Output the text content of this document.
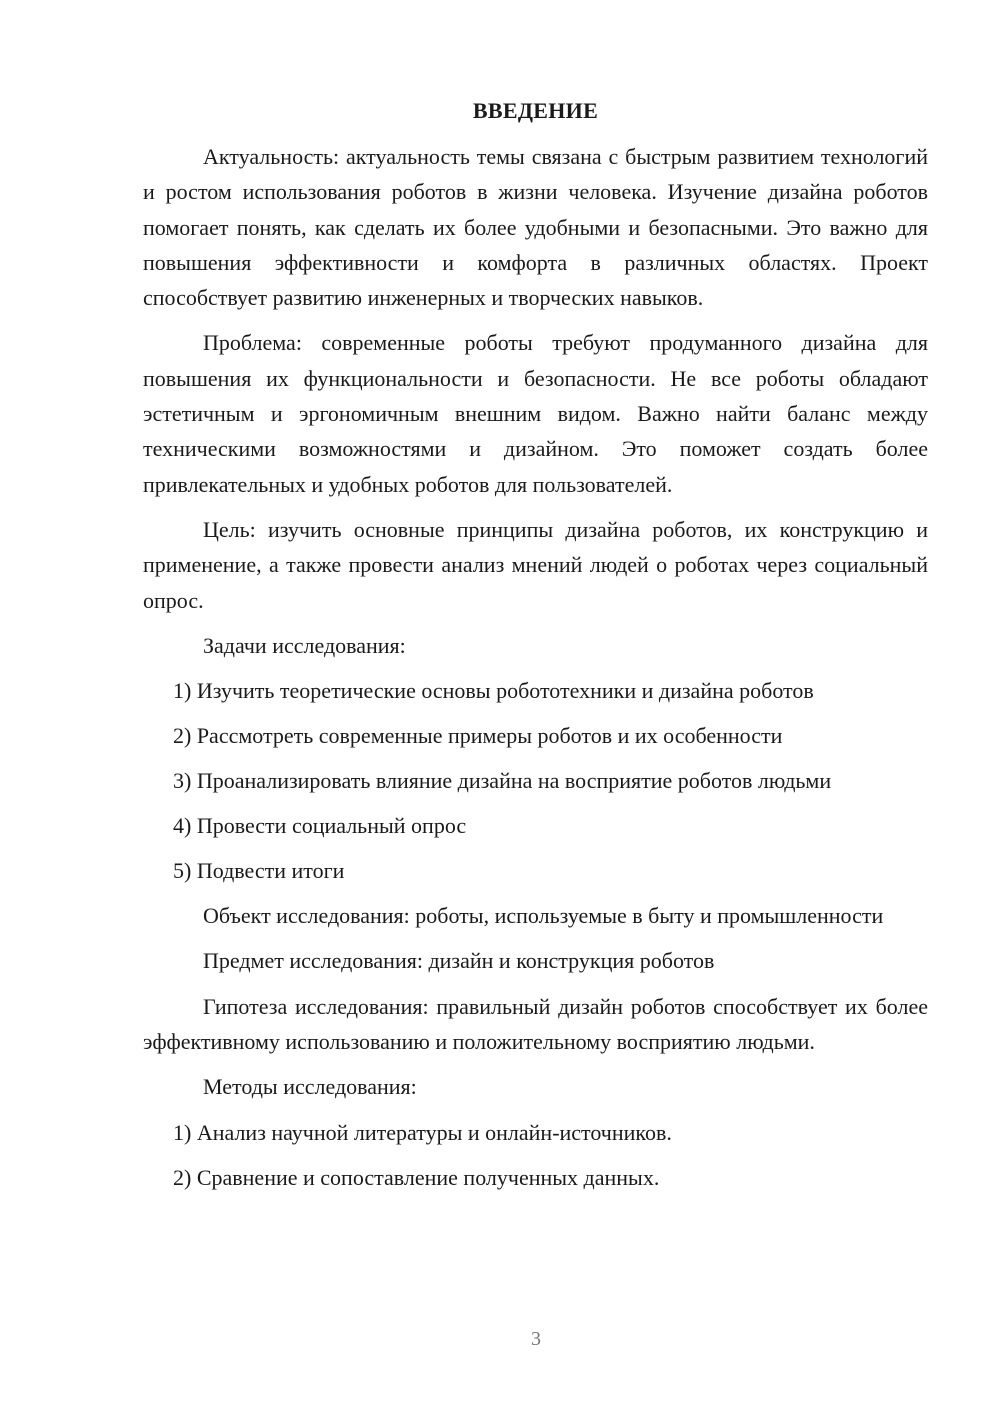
ВВЕДЕНИЕ

Актуальность: актуальность темы связана с быстрым развитием технологий и ростом использования роботов в жизни человека. Изучение дизайна роботов помогает понять, как сделать их более удобными и безопасными. Это важно для повышения эффективности и комфорта в различных областях. Проект способствует развитию инженерных и творческих навыков.

Проблема: современные роботы требуют продуманного дизайна для повышения их функциональности и безопасности. Не все роботы обладают эстетичным и эргономичным внешним видом. Важно найти баланс между техническими возможностями и дизайном. Это поможет создать более привлекательных и удобных роботов для пользователей.

Цель: изучить основные принципы дизайна роботов, их конструкцию и применение, а также провести анализ мнений людей о роботах через социальный опрос.

Задачи исследования:

1) Изучить теоретические основы робототехники и дизайна роботов
2) Рассмотреть современные примеры роботов и их особенности
3) Проанализировать влияние дизайна на восприятие роботов людьми
4) Провести социальный опрос
5) Подвести итоги

Объект исследования: роботы, используемые в быту и промышленности

Предмет исследования: дизайн и конструкция роботов

Гипотеза исследования: правильный дизайн роботов способствует их более эффективному использованию и положительному восприятию людьми.

Методы исследования:

1) Анализ научной литературы и онлайн-источников.
2) Сравнение и сопоставление полученных данных.
3
